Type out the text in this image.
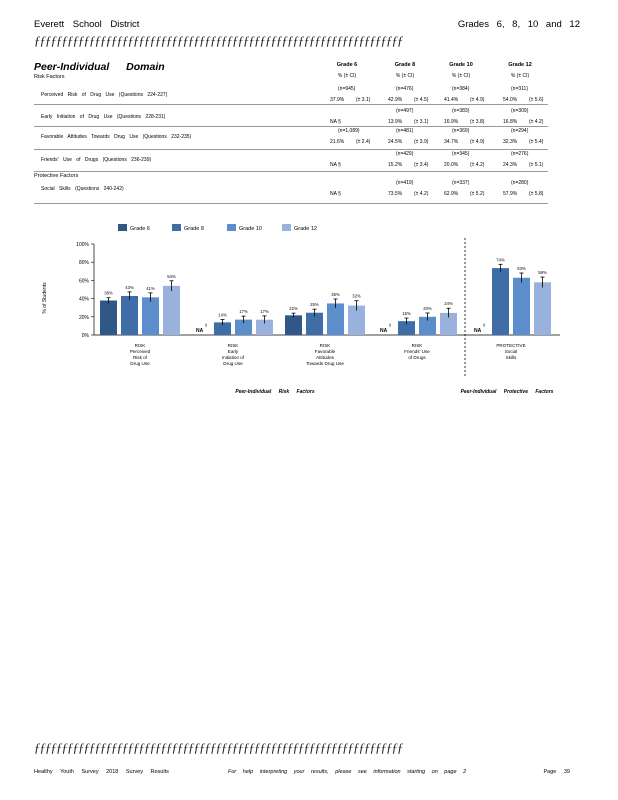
Everett School District	Grades 6, 8, 10 and 12
ƒƒƒƒƒƒƒƒƒƒƒƒƒƒƒƒƒƒƒƒƒƒƒƒƒƒƒƒƒƒƒƒƒƒƒƒƒƒƒƒƒƒƒƒƒƒƒƒƒƒƒƒƒƒƒƒƒƒƒƒƒƒƒƒƒƒƒ
Peer-Individual Domain
Risk Factors
Grade 6	Grade 8	Grade 10	Grade 12
% (± CI)	% (± CI)	% (± CI)	% (± CI)
Perceived Risk of Drug Use (Questions 224-227)
(n=945)
37.9% (± 3.1)
(n=476)
42.9% (± 4.5)
(n=384)
41.4% (± 4.9)
(n=311)
54.0% (± 5.6)
Early Initiation of Drug Use (Questions 228-231)
NA §
(n=497)
13.9% (± 3.1)
(n=383)
16.9% (± 3.8)
(n=309)
16.8% (± 4.2)
Favorable Attitudes Towards Drug Use (Questions 232-235)
(n=1,089)
21.6% (± 2.4)
(n=481)
24.5% (± 3.9)
(n=369)
34.7% (± 4.9)
(n=294)
32.3% (± 5.4)
Friends' Use of Drugs (Questions 236-239)
NA §
(n=429)
15.2% (± 3.4)
(n=345)
20.0% (± 4.2)
(n=276)
24.3% (± 5.1)
Social Skills (Questions 240-242)
NA §
(n=419)
73.5% (± 4.2)
(n=337)
62.9% (± 5.2)
(n=280)
57.9% (± 5.8)
Protective Factors
Grade 6	Grade 8	Grade 10	Grade 12
% of Students
0%
20%
40%
60%
80%
100%
38%
43%	41%
54%
RISK
Perceived
Risk of
Drug Use
NA
§
14%
17%	17%
RISK
Early
Initiation of
Drug Use
22%
25%
35%	32%
RISK
Favorable
Attitudes
Towards Drug Use
NA
§
15%
20%
24%
RISK
Friends' Use
of Drugs
NA
§
74%
63%
58%
PROTECTIVE
Social
Skills
Peer-Individual Risk Factors	Peer-Individual Protective Factors
ƒƒƒƒƒƒƒƒƒƒƒƒƒƒƒƒƒƒƒƒƒƒƒƒƒƒƒƒƒƒƒƒƒƒƒƒƒƒƒƒƒƒƒƒƒƒƒƒƒƒƒƒƒƒƒƒƒƒƒƒƒƒƒƒƒƒƒ
Healthy Youth Survey 2018 Survey Results	For help interpreting your results, please see information starting on page 2	Page 39
